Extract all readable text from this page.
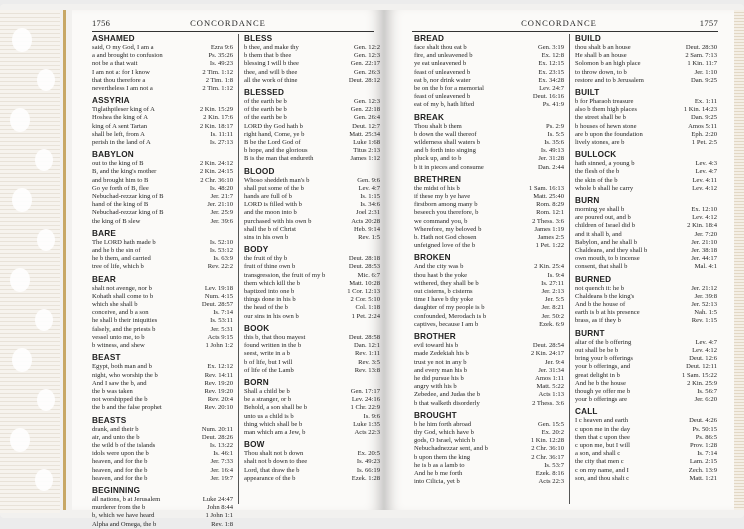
1756	CONCORDANCE
ASHAMED
said, O my God, I am a	Ezra 9:6
a and brought to confusion	Ps. 35:26
not be a that wait	Is. 49:23
I am not a: for I know	2 Tim. 1:12
that thou therefore a	2 Tim. 1:8
nevertheless I am not a	2 Tim. 1:12
ASSYRIA
Tiglathpileser king of A	2 Kin. 15:29
Hoshea the king of A	2 Kin. 17:6
king of A sent Tartan	2 Kin. 18:17
shall be left, from A	Is. 11:11
perish in the land of A	Is. 27:13
BABYLON
out to the king of B	2 Kin. 24:12
B, and the king's mother	2 Kin. 24:15
and brought him to B	2 Chr. 36:10
Go ye forth of B, flee	Is. 48:20
Nebuchad-rezzar king of B	Jer. 21:7
hand of the king of B	Jer. 21:10
Nebuchad-rezzar king of B	Jer. 25:9
the king of B slew	Jer. 39:6
BARE
The LORD hath made b	Is. 52:10
and he b the sin of	Is. 53:12
he b them, and carried	Is. 63:9
tree of life, which b	Rev. 22:2
BEAR
shalt not avenge, nor b	Lev. 19:18
Kohath shall come to b	Num. 4:15
which she shall b	Deut. 28:57
conceive, and b a son	Is. 7:14
he shall b their iniquities	Is. 53:11
falsely, and the priests b	Jer. 5:31
vessel unto me, to b	Acts 9:15
b witness, and shew	1 John 1:2
BEAST
Egypt, both man and b	Ex. 12:12
night, who worship the b	Rev. 14:11
And I saw the b, and	Rev. 19:20
the b was taken	Rev. 19:20
not worshipped the b	Rev. 20:4
the b and the false prophet	Rev. 20:10
BEASTS
drank, and their b	Num. 20:11
air, and unto the b	Deut. 28:26
the wild b of the islands	Is. 13:22
idols were upon the b	Is. 46:1
heaven, and for the b	Jer. 7:33
heaven, and for the b	Jer. 16:4
heaven, and for the b	Jer. 19:7
BEGINNING
all nations, b at Jerusalem	Luke 24:47
murderer from the b	John 8:44
b, which we have heard	1 John 1:1
Alpha and Omega, the b	Rev. 1:8
BLESS
b thee, and make thy	Gen. 12:2
b them that b thee	Gen. 12:3
blessing I will b thee	Gen. 22:17
thee, and will b thee	Gen. 26:3
all the work of thine	Deut. 28:12
BLESSED
of the earth be b	Gen. 12:3
of the earth be b	Gen. 22:18
of the earth be b	Gen. 26:4
LORD thy God hath b	Deut. 12:7
right hand, Come, ye b	Matt. 25:34
B be the Lord God of	Luke 1:68
b hope, and the glorious	Titus 2:13
B is the man that endureth	James 1:12
BLOOD
Whoso sheddeth man's b	Gen. 9:6
shall put some of the b	Lev. 4:7
hands are full of b	Is. 1:15
LORD is filled with b	Is. 34:6
and the moon into b	Joel 2:31
purchased with his own b	Acts 20:28
shall the b of Christ	Heb. 9:14
sins in his own b	Rev. 1:5
BODY
the fruit of thy b	Deut. 28:18
fruit of thine own b	Deut. 28:53
transgression, the fruit of my b	Mic. 6:7
them which kill the b	Matt. 10:28
baptized into one b	1 Cor. 12:13
things done in his b	2 Cor. 5:10
the head of the b	Col. 1:18
our sins in his own b	1 Pet. 2:24
BOOK
this b, that thou mayest	Deut. 28:58
found written in the b	Dan. 12:1
seest, write in a b	Rev. 1:11
b of life, but I will	Rev. 3:5
of life of the Lamb	Rev. 13:8
BORN
Shall a child be b	Gen. 17:17
be a stranger, or b	Lev. 24:16
Behold, a son shall be b	1 Chr. 22:9
unto us a child is b	Is. 9:6
thing which shall be b	Luke 1:35
man which am a Jew, b	Acts 22:3
BOW
Thou shalt not b down	Ex. 20:5
shalt not b down to thee	Is. 49:23
Lord, that draw the b	Is. 66:19
appearance of the b	Ezek. 1:28
CONCORDANCE	1757
BREAD
face shalt thou eat b	Gen. 3:19
fire, and unleavened b	Ex. 12:8
ye eat unleavened b	Ex. 12:15
feast of unleavened b	Ex. 23:15
eat b, nor drink water	Ex. 34:28
be on the b for a memorial	Lev. 24:7
feast of unleavened b	Deut. 16:16
eat of my b, hath lifted	Ps. 41:9
BREAK
Thou shalt b them	Ps. 2:9
b down the wall thereof	Is. 5:5
wilderness shall waters b	Is. 35:6
and b forth into singing	Is. 49:13
pluck up, and to b	Jer. 31:28
b it in pieces and consume	Dan. 2:44
BRETHREN
the midst of his b	1 Sam. 16:13
if these my b ye have	Matt. 25:40
firstborn among many b	Rom. 8:29
beseech you therefore, b	Rom. 12:1
we command you, b	2 Thess. 3:6
Wherefore, my beloved b	James 1:19
b. Hath not God chosen	James 2:5
unfeigned love of the b	1 Pet. 1:22
BROKEN
And the city was b	2 Kin. 25:4
thou hast b the yoke	Is. 9:4
withered, they shall be b	Is. 27:11
out cisterns, b cisterns	Jer. 2:13
time I have b thy yoke	Jer. 5:5
daughter of my people is b	Jer. 8:21
confounded, Merodach is b	Jer. 50:2
captives, because I am b	Ezek. 6:9
BROTHER
evil toward his b	Deut. 28:54
made Zedekiah his b	2 Kin. 24:17
trust ye not in any b	Jer. 9:4
and every man his b	Jer. 31:34
he did pursue his b	Amos 1:11
angry with his b	Matt. 5:22
Zebedee, and Judas the b	Acts 1:13
b that walketh disorderly	2 Thess. 3:6
BROUGHT
b he him forth abroad	Gen. 15:5
thy God, which have b	Ex. 20:2
gods, O Israel, which b	1 Kin. 12:28
Nebuchadnezzar sent, and b	2 Chr. 36:10
b upon them the king	2 Chr. 36:17
he is b as a lamb to	Is. 53:7
And he b me forth	Ezek. 8:16
into Cilicia, yet b	Acts 22:3
BUILD
thou shalt b an house	Deut. 28:30
He shall b an house	2 Sam. 7:13
Solomon b an high place	1 Kin. 11:7
to throw down, to b	Jer. 1:10
restore and to b Jerusalem	Dan. 9:25
BUILT
b for Pharaoh treasure	Ex. 1:11
also b them high places	1 Kin. 14:23
the street shall be b	Dan. 9:25
b houses of hewn stone	Amos 5:11
are b upon the foundation	Eph. 2:20
lively stones, are b	1 Pet. 2:5
BULLOCK
hath sinned, a young b	Lev. 4:3
the flesh of the b	Lev. 4:7
the skin of the b	Lev. 4:11
whole b shall he carry	Lev. 4:12
BURN
morning ye shall b	Ex. 12:10
are poured out, and b	Lev. 4:12
children of Israel did b	2 Kin. 18:4
and it shall b, and	Jer. 7:20
Babylon, and he shall b	Jer. 21:10
Chaldeans, and they shall b	Jer. 38:18
own mouth, to b incense	Jer. 44:17
consent, that shall b	Mal. 4:1
BURNED
not quench it: he b	Jer. 21:12
Chaldeans b the king's	Jer. 39:8
And b the house of	Jer. 52:13
earth is b at his presence	Nah. 1:5
brass, as if they b	Rev. 1:15
BURNT
altar of the b offering	Lev. 4:7
out shall be be b	Lev. 4:12
bring your b offerings	Deut. 12:6
your b offerings, and	Deut. 12:11
great delight in b	1 Sam. 15:22
And he b the house	2 Kin. 25:9
though ye offer me b	Is. 56:7
your b offerings are	Jer. 6:20
CALL
I c heaven and earth	Deut. 4:26
c upon me in the day	Ps. 50:15
then that c upon thee	Ps. 86:5
c upon me, but I will	Prov. 1:28
a son, and shall c	Is. 7:14
the city that men c	Lam. 2:15
c on my name, and I	Zech. 13:9
son, and thou shalt c	Matt. 1:21
